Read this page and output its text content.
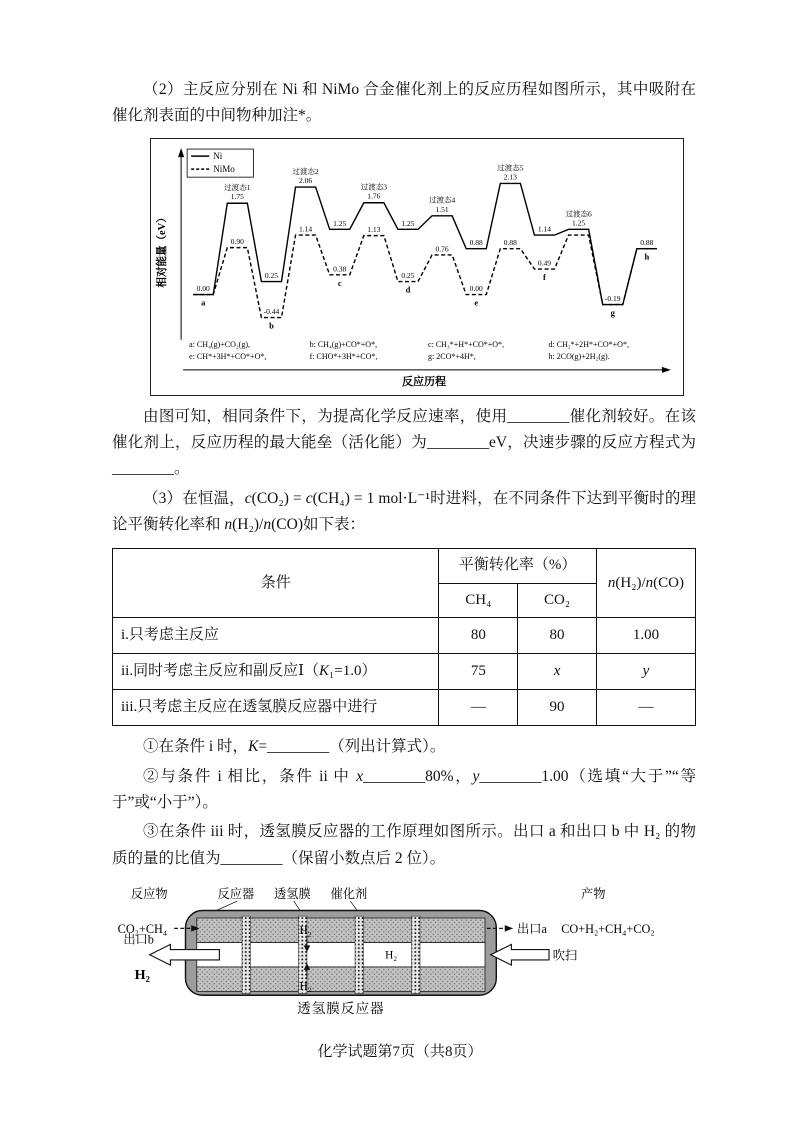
（2）主反应分别在 Ni 和 NiMo 合金催化剂上的反应历程如图所示，其中吸附在催化剂表面的中间物种加注*。

相对能量（eV）
反应历程
Ni
NiMo
0.00
0.90
0.25
-0.44
1.14
1.25
0.38
1.13
1.25
0.25
0.76
0.88
0.00
0.88
1.14
0.49
-0.19
0.88
过渡态1
1.75
过渡态2
2.06
过渡态3
1.76	过渡态4
1.51
过渡态5
2.13
过渡态6
1.25
a
b
c
d
e
f
g
h
a: CH₄(g)+CO₂(g),	b: CH₄(g)+CO*+O*,	c: CH₃*+H*+CO*+O*,	d: CH₂*+2H*+CO*+O*,
e: CH*+3H*+CO*+O*,	f: CHO*+3H*+CO*,	g: 2CO*+4H*,	h: 2CO(g)+2H₂(g).

由图可知，相同条件下，为提高化学反应速率，使用________催化剂较好。在该催化剂上，反应历程的最大能垒（活化能）为________eV，决速步骤的反应方程式为________。

（3）在恒温，c(CO₂) = c(CH₄) = 1 mol·L⁻¹时进料，在不同条件下达到平衡时的理论平衡转化率和 n(H₂)/n(CO)如下表：

条件	平衡转化率（%）		n(H₂)/n(CO)
	CH₄	CO₂	
i.只考虑主反应	80	80	1.00
ii.同时考虑主反应和副反应Ⅰ（K₁=1.0）	75	x	y
iii.只考虑主反应在透氢膜反应器中进行	—	90	—

①在条件 i 时，K=________（列出计算式）。

②与条件 i 相比，条件 ii 中 x________80%，y________1.00（选填“大于”“等于”或“小于”）。

③在条件 iii 时，透氢膜反应器的工作原理如图所示。出口 a 和出口 b 中 H₂ 的物质的量的比值为________（保留小数点后 2 位）。

反应物	反应器 透氢膜 催化剂	产物
CO₂+CH₄	出口a CO+H₂+CH₄+CO₂
出口b
H₂
吹扫
H₂
H₂
H₂
透氢膜反应器
化学试题第7页（共8页）
